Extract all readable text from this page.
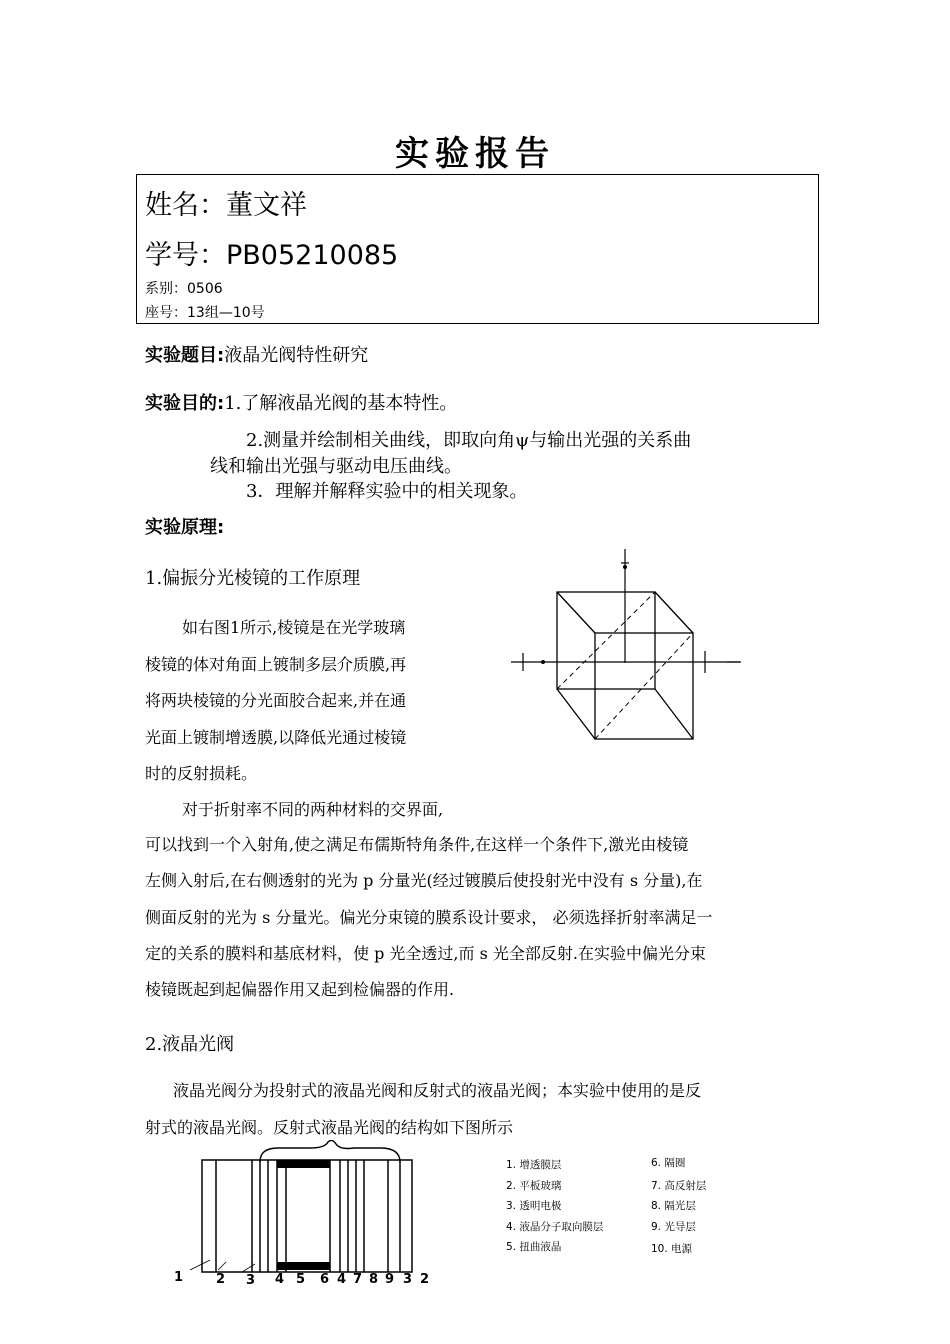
实验报告
姓名：董文祥
学号：PB05210085
系别：0506
座号：13组—10号
实验题目:液晶光阀特性研究
实验目的:1.了解液晶光阀的基本特性。
2.测量并绘制相关曲线，即取向角ψ与输出光强的关系曲
线和输出光强与驱动电压曲线。
3．理解并解释实验中的相关现象。
实验原理:
1.偏振分光棱镜的工作原理
如右图1所示,棱镜是在光学玻璃
棱镜的体对角面上镀制多层介质膜,再
将两块棱镜的分光面胶合起来,并在通
光面上镀制增透膜,以降低光通过棱镜
时的反射损耗。
对于折射率不同的两种材料的交界面,
可以找到一个入射角,使之满足布儒斯特角条件,在这样一个条件下,激光由棱镜
左侧入射后,在右侧透射的光为 p 分量光(经过镀膜后使投射光中没有 s 分量),在
侧面反射的光为 s 分量光。偏光分束镜的膜系设计要求， 必须选择折射率满足一
定的关系的膜料和基底材料，使 p 光全透过,而 s 光全部反射.在实验中偏光分束
棱镜既起到起偏器作用又起到检偏器的作用.
2.液晶光阀
液晶光阀分为投射式的液晶光阀和反射式的液晶光阀；本实验中使用的是反
射式的液晶光阀。反射式液晶光阀的结构如下图所示
1	2 3 4 5 6 4 7 8 9 3 2
1. 增透膜层
2. 平板玻璃
3. 透明电极
4. 液晶分子取向膜层
5. 扭曲液晶
6. 隔圈
7. 高反射层
8. 隔光层
9. 光导层
10. 电源
